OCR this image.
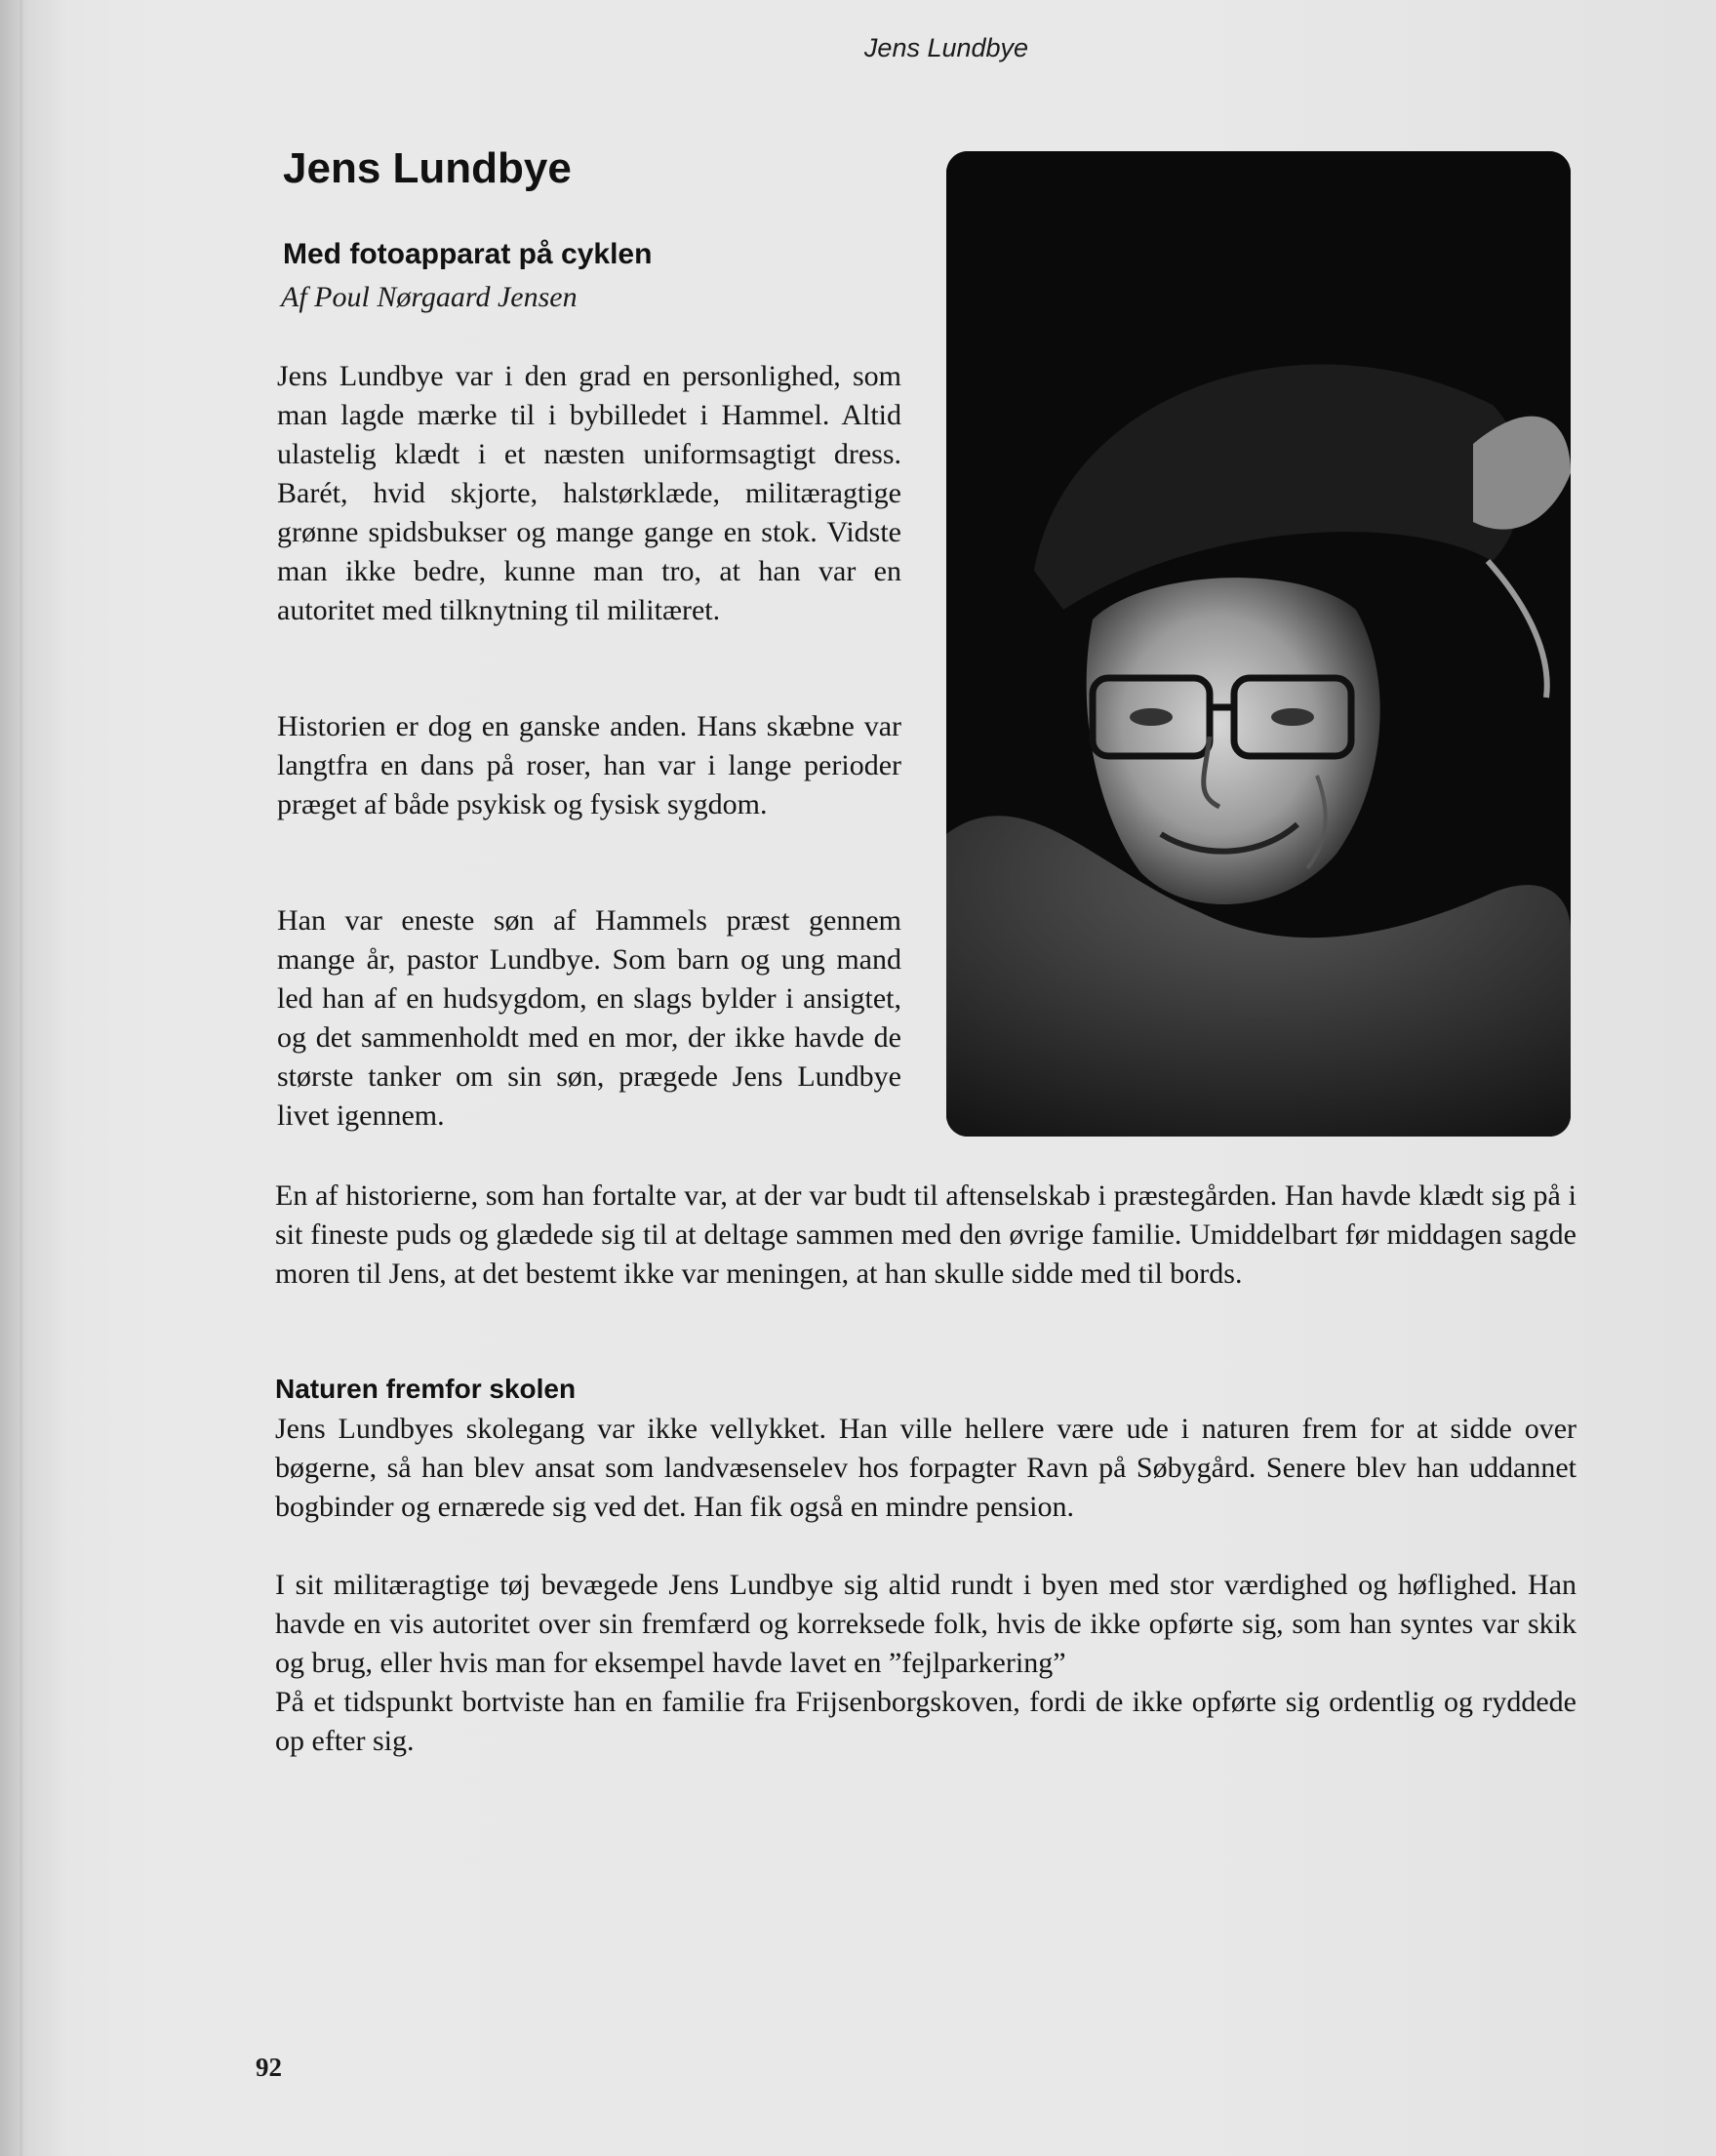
Jens Lundbye
Jens Lundbye
Med fotoapparat på cyklen

Af Poul Nørgaard Jensen

Jens Lundbye var i den grad en personlighed, som man lagde mærke til i bybilledet i Hammel. Altid ulastelig klædt i et næsten uniformsagtigt dress. Barét, hvid skjorte, halstørklæde, militæragtige grønne spidsbukser og mange gange en stok. Vidste man ikke bedre, kunne man tro, at han var en autoritet med tilknytning til militæret.

Historien er dog en ganske anden. Hans skæbne var langtfra en dans på roser, han var i lange perioder præget af både psykisk og fysisk sygdom.

Han var eneste søn af Hammels præst gennem mange år, pastor Lundbye. Som barn og ung mand led han af en hudsygdom, en slags bylder i ansigtet, og det sammenholdt med en mor, der ikke havde de største tanker om sin søn, prægede Jens Lundbye livet igennem.

En af historierne, som han fortalte var, at der var budt til aftenselskab i præstegården. Han havde klædt sig på i sit fineste puds og glædede sig til at deltage sammen med den øvrige familie. Umiddelbart før middagen sagde moren til Jens, at det bestemt ikke var meningen, at han skulle sidde med til bords.

Naturen fremfor skolen

Jens Lundbyes skolegang var ikke vellykket. Han ville hellere være ude i naturen frem for at sidde over bøgerne, så han blev ansat som landvæsenselev hos forpagter Ravn på Søbygård. Senere blev han uddannet bogbinder og ernærede sig ved det. Han fik også en mindre pension.

I sit militæragtige tøj bevægede Jens Lundbye sig altid rundt i byen med stor værdighed og høflighed. Han havde en vis autoritet over sin fremfærd og korreksede folk, hvis de ikke opførte sig, som han syntes var skik og brug, eller hvis man for eksempel havde lavet en ”fejlparkering”
På et tidspunkt bortviste han en familie fra Frijsenborgskoven, fordi de ikke opførte sig ordentlig og ryddede op efter sig.

92
